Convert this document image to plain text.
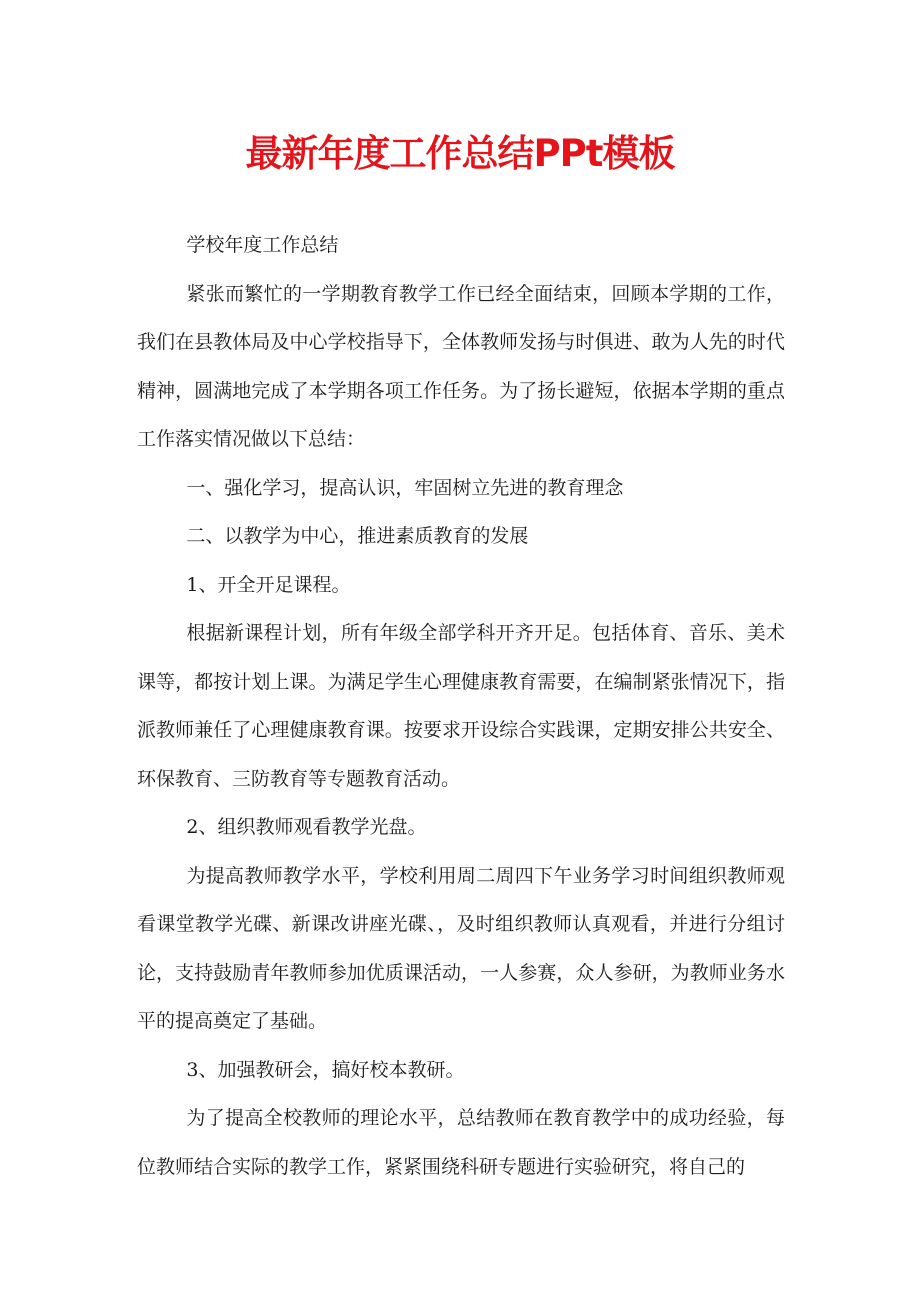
最新年度工作总结PPt模板

学校年度工作总结

紧张而繁忙的一学期教育教学工作已经全面结束，回顾本学期的工作，我们在县教体局及中心学校指导下，全体教师发扬与时俱进、敢为人先的时代精神，圆满地完成了本学期各项工作任务。为了扬长避短，依据本学期的重点工作落实情况做以下总结：

一、强化学习，提高认识，牢固树立先进的教育理念

二、以教学为中心，推进素质教育的发展

1、开全开足课程。

根据新课程计划，所有年级全部学科开齐开足。包括体育、音乐、美术课等，都按计划上课。为满足学生心理健康教育需要，在编制紧张情况下，指派教师兼任了心理健康教育课。按要求开设综合实践课，定期安排公共安全、环保教育、三防教育等专题教育活动。

2、组织教师观看教学光盘。

为提高教师教学水平，学校利用周二周四下午业务学习时间组织教师观看课堂教学光碟、新课改讲座光碟、，及时组织教师认真观看，并进行分组讨论，支持鼓励青年教师参加优质课活动，一人参赛，众人参研，为教师业务水平的提高奠定了基础。

3、加强教研会，搞好校本教研。

为了提高全校教师的理论水平，总结教师在教育教学中的成功经验，每位教师结合实际的教学工作，紧紧围绕科研专题进行实验研究，将自己的
